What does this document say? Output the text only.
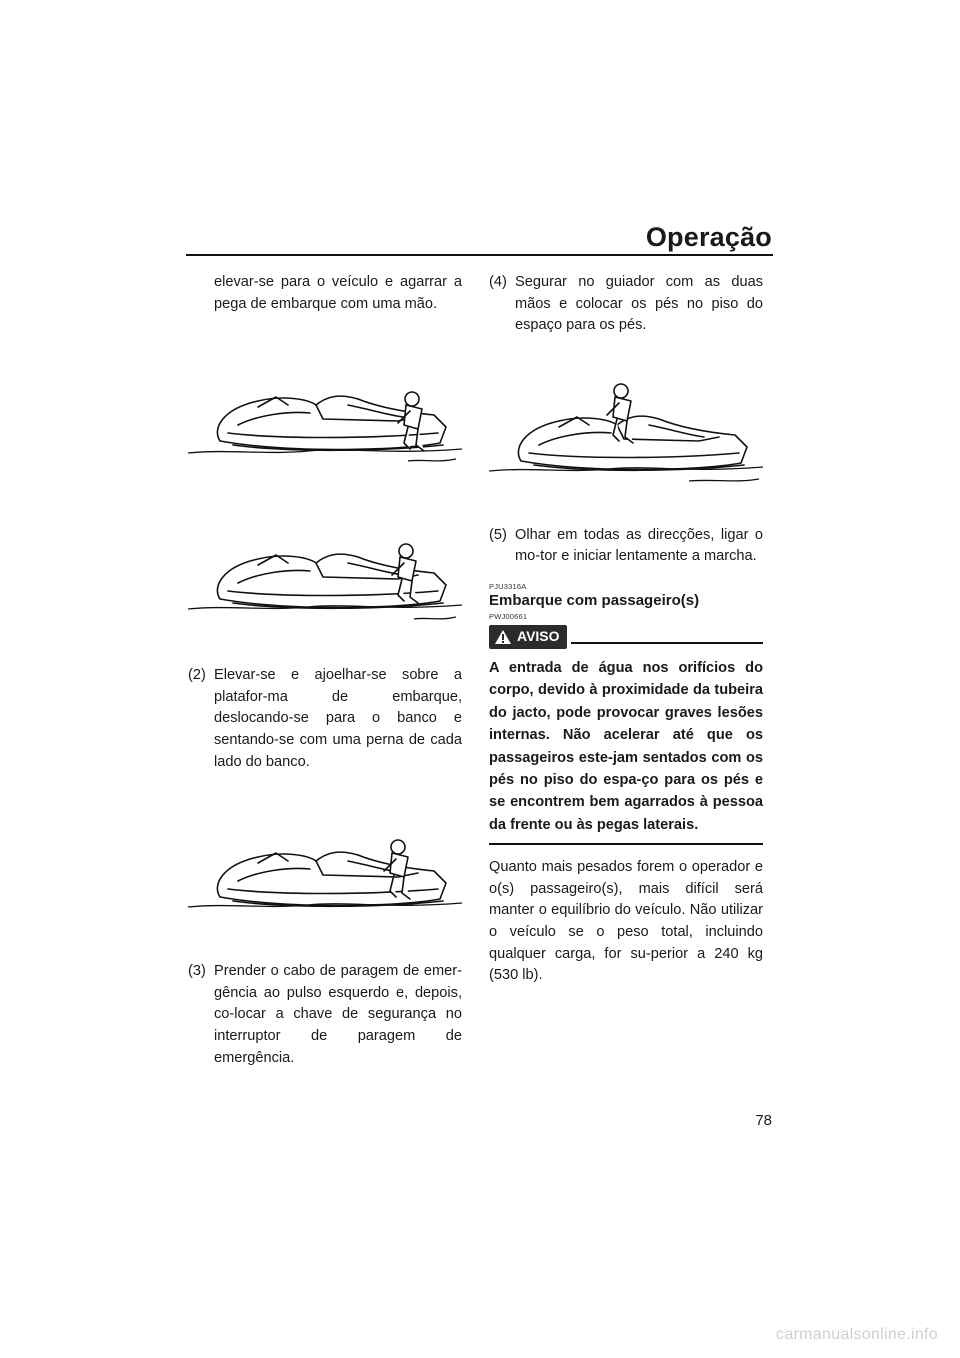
Operação

elevar-se para o veículo e agarrar a pega de embarque com uma mão.

(2) Elevar-se e ajoelhar-se sobre a platafor-ma de embarque, deslocando-se para o banco e sentando-se com uma perna de cada lado do banco.

(3) Prender o cabo de paragem de emer-gência ao pulso esquerdo e, depois, co-locar a chave de segurança no interruptor de paragem de emergência.

(4) Segurar no guiador com as duas mãos e colocar os pés no piso do espaço para os pés.

(5) Olhar em todas as direcções, ligar o mo-tor e iniciar lentamente a marcha.

PJU3316A
Embarque com passageiro(s)
PWJ00661
AVISO

A entrada de água nos orifícios do corpo, devido à proximidade da tubeira do jacto, pode provocar graves lesões internas. Não acelerar até que os passageiros este-jam sentados com os pés no piso do espa-ço para os pés e se encontrem bem agarrados à pessoa da frente ou às pegas laterais.

Quanto mais pesados forem o operador e o(s) passageiro(s), mais difícil será manter o equilíbrio do veículo. Não utilizar o veículo se o peso total, incluindo qualquer carga, for su-perior a 240 kg (530 lb).

78
carmanualsonline.info
